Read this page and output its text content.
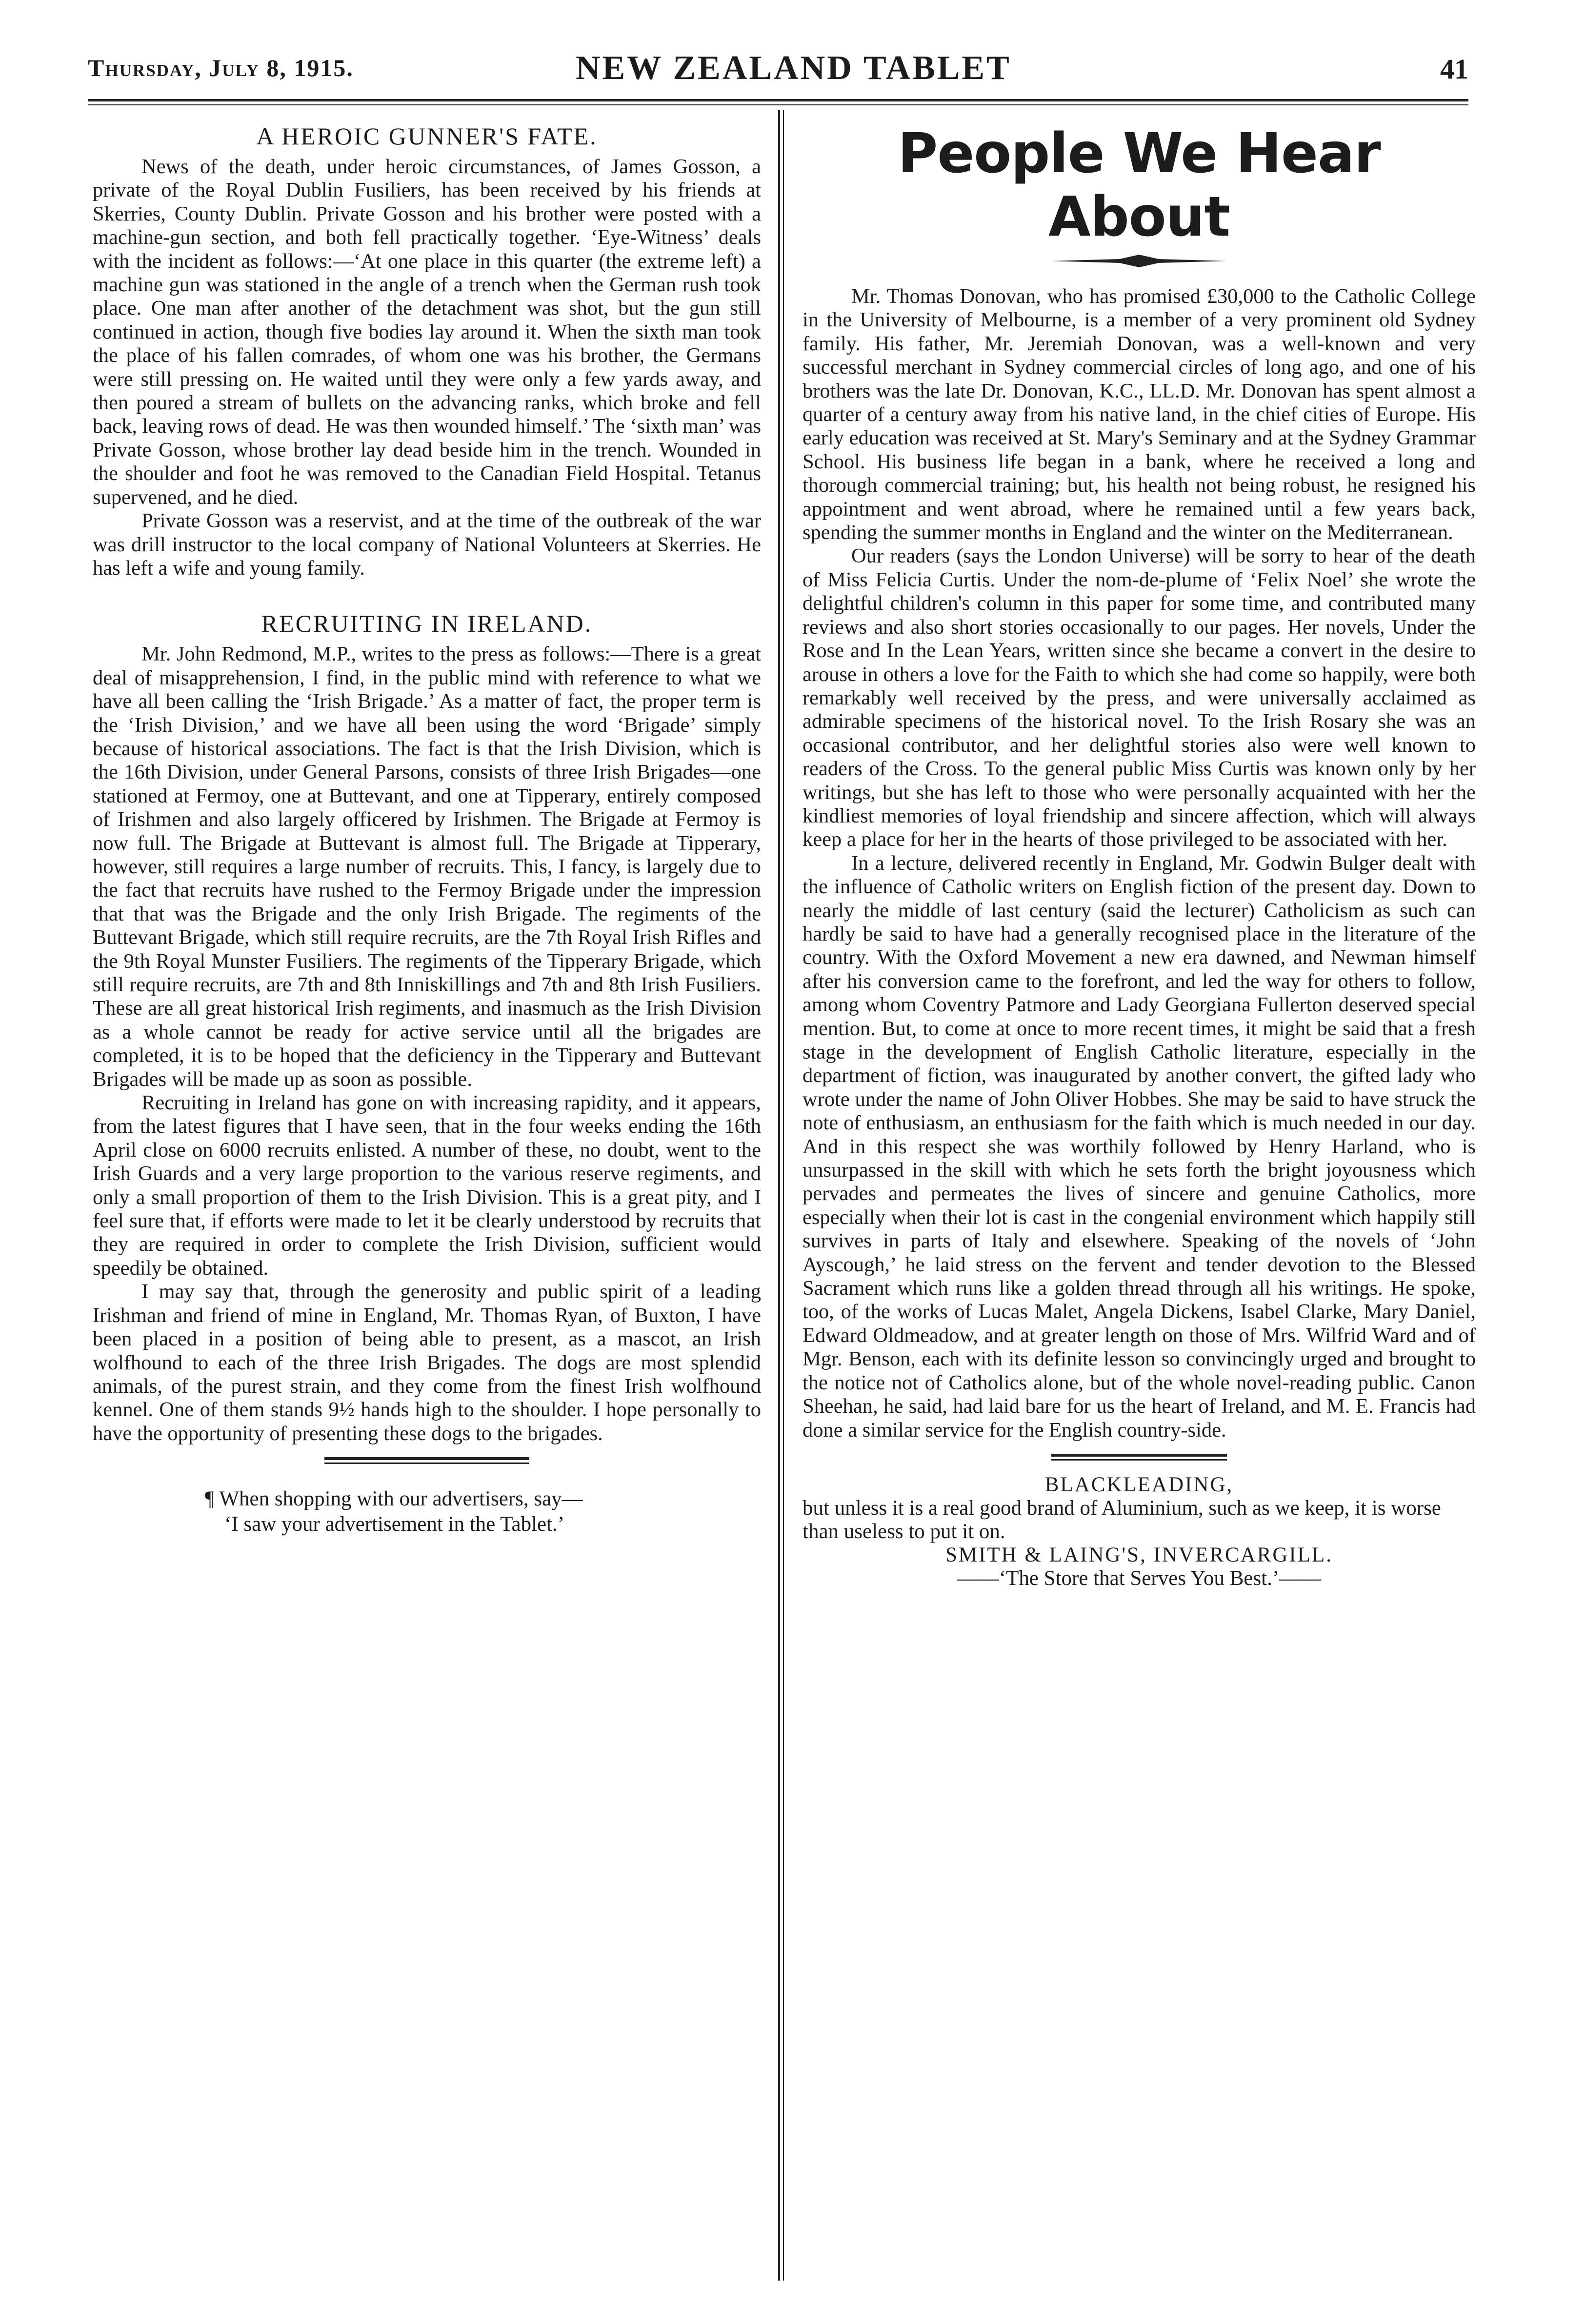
Thursday, July 8, 1915.	NEW ZEALAND TABLET	41
A HEROIC GUNNER'S FATE.

News of the death, under heroic circumstances, of James Gosson, a private of the Royal Dublin Fusiliers, has been received by his friends at Skerries, County Dublin. Private Gosson and his brother were posted with a machine-gun section, and both fell practically together. ‘Eye-Witness’ deals with the incident as follows:—‘At one place in this quarter (the extreme left) a machine gun was stationed in the angle of a trench when the German rush took place. One man after another of the detachment was shot, but the gun still continued in action, though five bodies lay around it. When the sixth man took the place of his fallen comrades, of whom one was his brother, the Germans were still pressing on. He waited until they were only a few yards away, and then poured a stream of bullets on the advancing ranks, which broke and fell back, leaving rows of dead. He was then wounded himself.’ The ‘sixth man’ was Private Gosson, whose brother lay dead beside him in the trench. Wounded in the shoulder and foot he was removed to the Canadian Field Hospital. Tetanus supervened, and he died.

Private Gosson was a reservist, and at the time of the outbreak of the war was drill instructor to the local company of National Volunteers at Skerries. He has left a wife and young family.

RECRUITING IN IRELAND.

Mr. John Redmond, M.P., writes to the press as follows:—There is a great deal of misapprehension, I find, in the public mind with reference to what we have all been calling the ‘Irish Brigade.’ As a matter of fact, the proper term is the ‘Irish Division,’ and we have all been using the word ‘Brigade’ simply because of historical associations. The fact is that the Irish Division, which is the 16th Division, under General Parsons, consists of three Irish Brigades—one stationed at Fermoy, one at Buttevant, and one at Tipperary, entirely composed of Irishmen and also largely officered by Irishmen. The Brigade at Fermoy is now full. The Brigade at Buttevant is almost full. The Brigade at Tipperary, however, still requires a large number of recruits. This, I fancy, is largely due to the fact that recruits have rushed to the Fermoy Brigade under the impression that that was the Brigade and the only Irish Brigade. The regiments of the Buttevant Brigade, which still require recruits, are the 7th Royal Irish Rifles and the 9th Royal Munster Fusiliers. The regiments of the Tipperary Brigade, which still require recruits, are 7th and 8th Inniskillings and 7th and 8th Irish Fusiliers. These are all great historical Irish regiments, and inasmuch as the Irish Division as a whole cannot be ready for active service until all the brigades are completed, it is to be hoped that the deficiency in the Tipperary and Buttevant Brigades will be made up as soon as possible.

Recruiting in Ireland has gone on with increasing rapidity, and it appears, from the latest figures that I have seen, that in the four weeks ending the 16th April close on 6000 recruits enlisted. A number of these, no doubt, went to the Irish Guards and a very large proportion to the various reserve regiments, and only a small proportion of them to the Irish Division. This is a great pity, and I feel sure that, if efforts were made to let it be clearly understood by recruits that they are required in order to complete the Irish Division, sufficient would speedily be obtained.

I may say that, through the generosity and public spirit of a leading Irishman and friend of mine in England, Mr. Thomas Ryan, of Buxton, I have been placed in a position of being able to present, as a mascot, an Irish wolfhound to each of the three Irish Brigades. The dogs are most splendid animals, of the purest strain, and they come from the finest Irish wolfhound kennel. One of them stands 9½ hands high to the shoulder. I hope personally to have the opportunity of presenting these dogs to the brigades.

¶ When shopping with our advertisers, say—
‘I saw your advertisement in the Tablet.’
People We Hear About

Mr. Thomas Donovan, who has promised £30,000 to the Catholic College in the University of Melbourne, is a member of a very prominent old Sydney family. His father, Mr. Jeremiah Donovan, was a well-known and very successful merchant in Sydney commercial circles of long ago, and one of his brothers was the late Dr. Donovan, K.C., LL.D. Mr. Donovan has spent almost a quarter of a century away from his native land, in the chief cities of Europe. His early education was received at St. Mary's Seminary and at the Sydney Grammar School. His business life began in a bank, where he received a long and thorough commercial training; but, his health not being robust, he resigned his appointment and went abroad, where he remained until a few years back, spending the summer months in England and the winter on the Mediterranean.

Our readers (says the London Universe) will be sorry to hear of the death of Miss Felicia Curtis. Under the nom-de-plume of ‘Felix Noel’ she wrote the delightful children's column in this paper for some time, and contributed many reviews and also short stories occasionally to our pages. Her novels, Under the Rose and In the Lean Years, written since she became a convert in the desire to arouse in others a love for the Faith to which she had come so happily, were both remarkably well received by the press, and were universally acclaimed as admirable specimens of the historical novel. To the Irish Rosary she was an occasional contributor, and her delightful stories also were well known to readers of the Cross. To the general public Miss Curtis was known only by her writings, but she has left to those who were personally acquainted with her the kindliest memories of loyal friendship and sincere affection, which will always keep a place for her in the hearts of those privileged to be associated with her.

In a lecture, delivered recently in England, Mr. Godwin Bulger dealt with the influence of Catholic writers on English fiction of the present day. Down to nearly the middle of last century (said the lecturer) Catholicism as such can hardly be said to have had a generally recognised place in the literature of the country. With the Oxford Movement a new era dawned, and Newman himself after his conversion came to the forefront, and led the way for others to follow, among whom Coventry Patmore and Lady Georgiana Fullerton deserved special mention. But, to come at once to more recent times, it might be said that a fresh stage in the development of English Catholic literature, especially in the department of fiction, was inaugurated by another convert, the gifted lady who wrote under the name of John Oliver Hobbes. She may be said to have struck the note of enthusiasm, an enthusiasm for the faith which is much needed in our day. And in this respect she was worthily followed by Henry Harland, who is unsurpassed in the skill with which he sets forth the bright joyousness which pervades and permeates the lives of sincere and genuine Catholics, more especially when their lot is cast in the congenial environment which happily still survives in parts of Italy and elsewhere. Speaking of the novels of ‘John Ayscough,’ he laid stress on the fervent and tender devotion to the Blessed Sacrament which runs like a golden thread through all his writings. He spoke, too, of the works of Lucas Malet, Angela Dickens, Isabel Clarke, Mary Daniel, Edward Oldmeadow, and at greater length on those of Mrs. Wilfrid Ward and of Mgr. Benson, each with its definite lesson so convincingly urged and brought to the notice not of Catholics alone, but of the whole novel-reading public. Canon Sheehan, he said, had laid bare for us the heart of Ireland, and M. E. Francis had done a similar service for the English country-side.

BLACKLEADING,
but unless it is a real good brand of Aluminium, such as we keep, it is worse than useless to put it on.
SMITH & LAING'S, INVERCARGILL.
——‘The Store that Serves You Best.’——
